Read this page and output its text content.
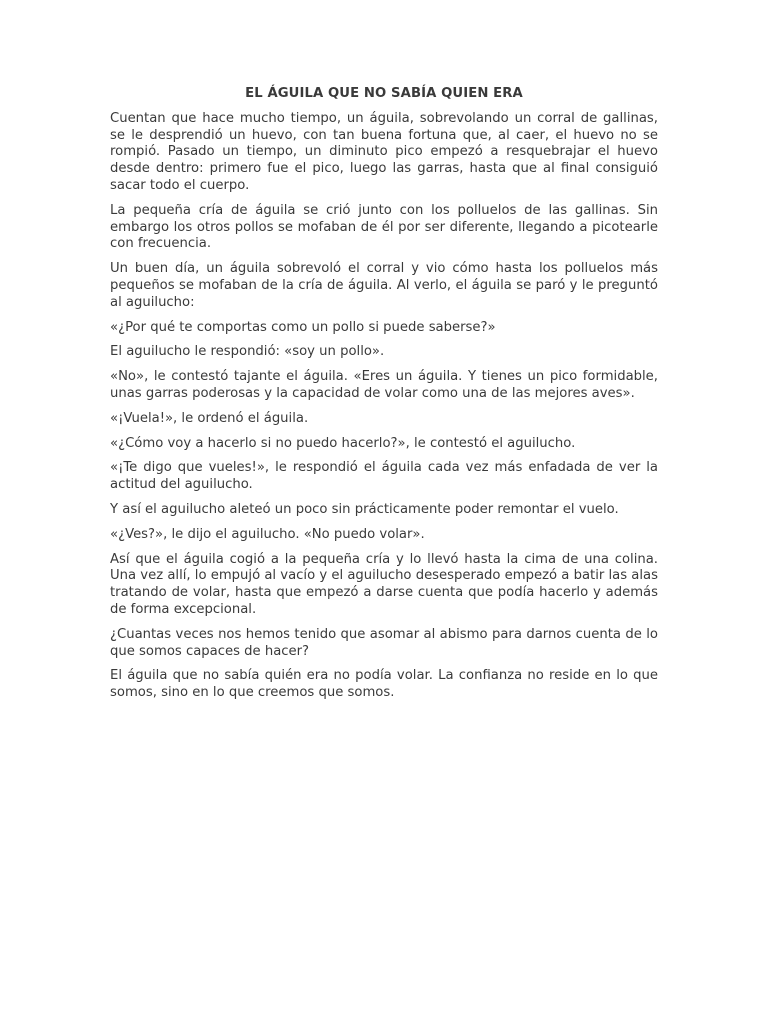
EL ÁGUILA QUE NO SABÍA QUIEN ERA

Cuentan que hace mucho tiempo, un águila, sobrevolando un corral de gallinas, se le desprendió un huevo, con tan buena fortuna que, al caer, el huevo no se rompió. Pasado un tiempo, un diminuto pico empezó a resquebrajar el huevo desde dentro: primero fue el pico, luego las garras, hasta que al final consiguió sacar todo el cuerpo.

La pequeña cría de águila se crió junto con los polluelos de las gallinas. Sin embargo los otros pollos se mofaban de él por ser diferente, llegando a picotearle con frecuencia.

Un buen día, un águila sobrevoló el corral y vio cómo hasta los polluelos más pequeños se mofaban de la cría de águila. Al verlo, el águila se paró y le preguntó al aguilucho:

«¿Por qué te comportas como un pollo si puede saberse?»

El aguilucho le respondió: «soy un pollo».

«No», le contestó tajante el águila. «Eres un águila. Y tienes un pico formidable, unas garras poderosas y la capacidad de volar como una de las mejores aves».

«¡Vuela!», le ordenó el águila.

«¿Cómo voy a hacerlo si no puedo hacerlo?», le contestó el aguilucho.

«¡Te digo que vueles!», le respondió el águila cada vez más enfadada de ver la actitud del aguilucho.

Y así el aguilucho aleteó un poco sin prácticamente poder remontar el vuelo.

«¿Ves?», le dijo el aguilucho. «No puedo volar».

Así que el águila cogió a la pequeña cría y lo llevó hasta la cima de una colina. Una vez allí, lo empujó al vacío y el aguilucho desesperado empezó a batir las alas tratando de volar, hasta que empezó a darse cuenta que podía hacerlo y además de forma excepcional.

¿Cuantas veces nos hemos tenido que asomar al abismo para darnos cuenta de lo que somos capaces de hacer?

El águila que no sabía quién era no podía volar. La confianza no reside en lo que somos, sino en lo que creemos que somos.
